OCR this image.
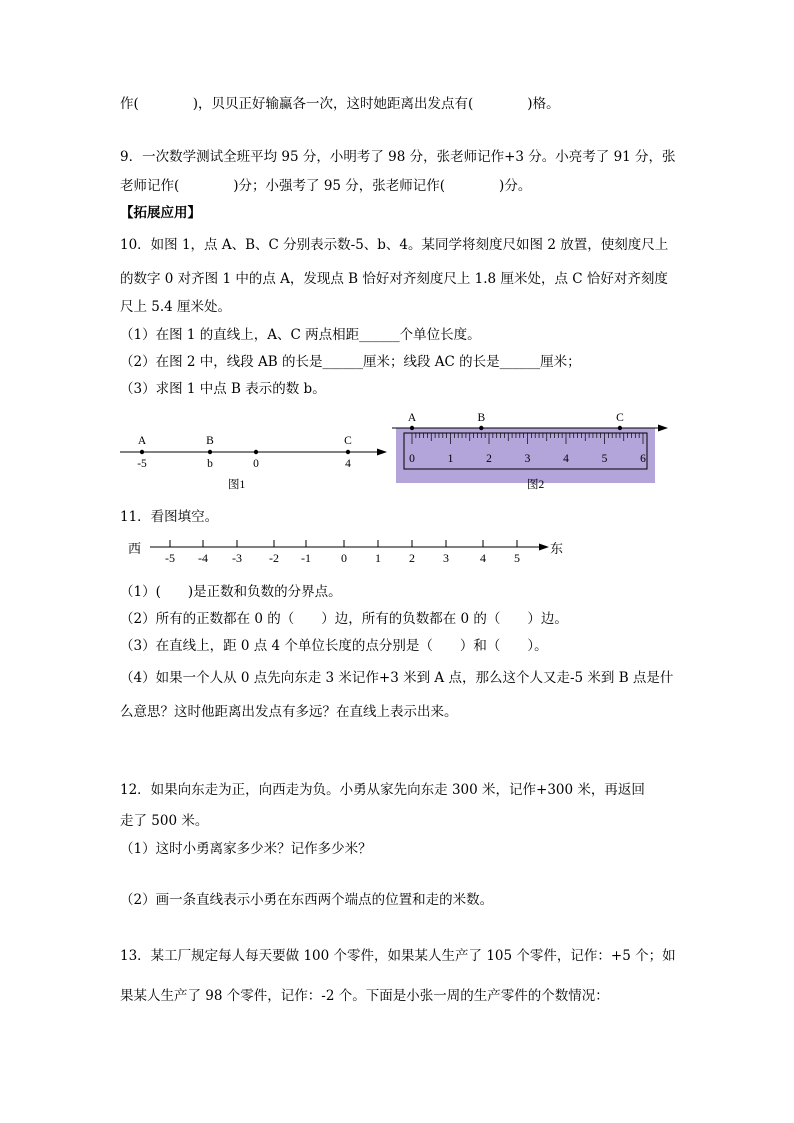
作(　　　　)，贝贝正好输赢各一次，这时她距离出发点有(　　　　)格。
9．一次数学测试全班平均 95 分，小明考了 98 分，张老师记作+3 分。小亮考了 91 分，张
老师记作(　　　　)分；小强考了 95 分，张老师记作(　　　　)分。
【拓展应用】
10．如图 1，点 A、B、C 分别表示数-5、b、4。某同学将刻度尺如图 2 放置，使刻度尺上
的数字 0 对齐图 1 中的点 A，发现点 B 恰好对齐刻度尺上 1.8 厘米处，点 C 恰好对齐刻度
尺上 5.4 厘米处。
（1）在图 1 的直线上，A、C 两点相距______个单位长度。
（2）在图 2 中，线段 AB 的长是______厘米；线段 AC 的长是______厘米；
（3）求图 1 中点 B 表示的数 b。
A
-5
B
b	0
C
4
图1
0	1	2	3	4	5	6
A	B	C
图2
11．看图填空。
西	东
-5 -4 -3 -2 -1	0 1 2 3	4 5
（1）(　　)是正数和负数的分界点。
（2）所有的正数都在 0 的（　　）边，所有的负数都在 0 的（　　）边。
（3）在直线上，距 0 点 4 个单位长度的点分别是（　　）和（　　）。
（4）如果一个人从 0 点先向东走 3 米记作+3 米到 A 点，那么这个人又走-5 米到 B 点是什
么意思？这时他距离出发点有多远？在直线上表示出来。
12．如果向东走为正，向西走为负。小勇从家先向东走 300 米，记作+300 米，再返回
走了 500 米。
（1）这时小勇离家多少米？记作多少米？
（2）画一条直线表示小勇在东西两个端点的位置和走的米数。
13．某工厂规定每人每天要做 100 个零件，如果某人生产了 105 个零件，记作：+5 个；如
果某人生产了 98 个零件，记作：-2 个。下面是小张一周的生产零件的个数情况：
